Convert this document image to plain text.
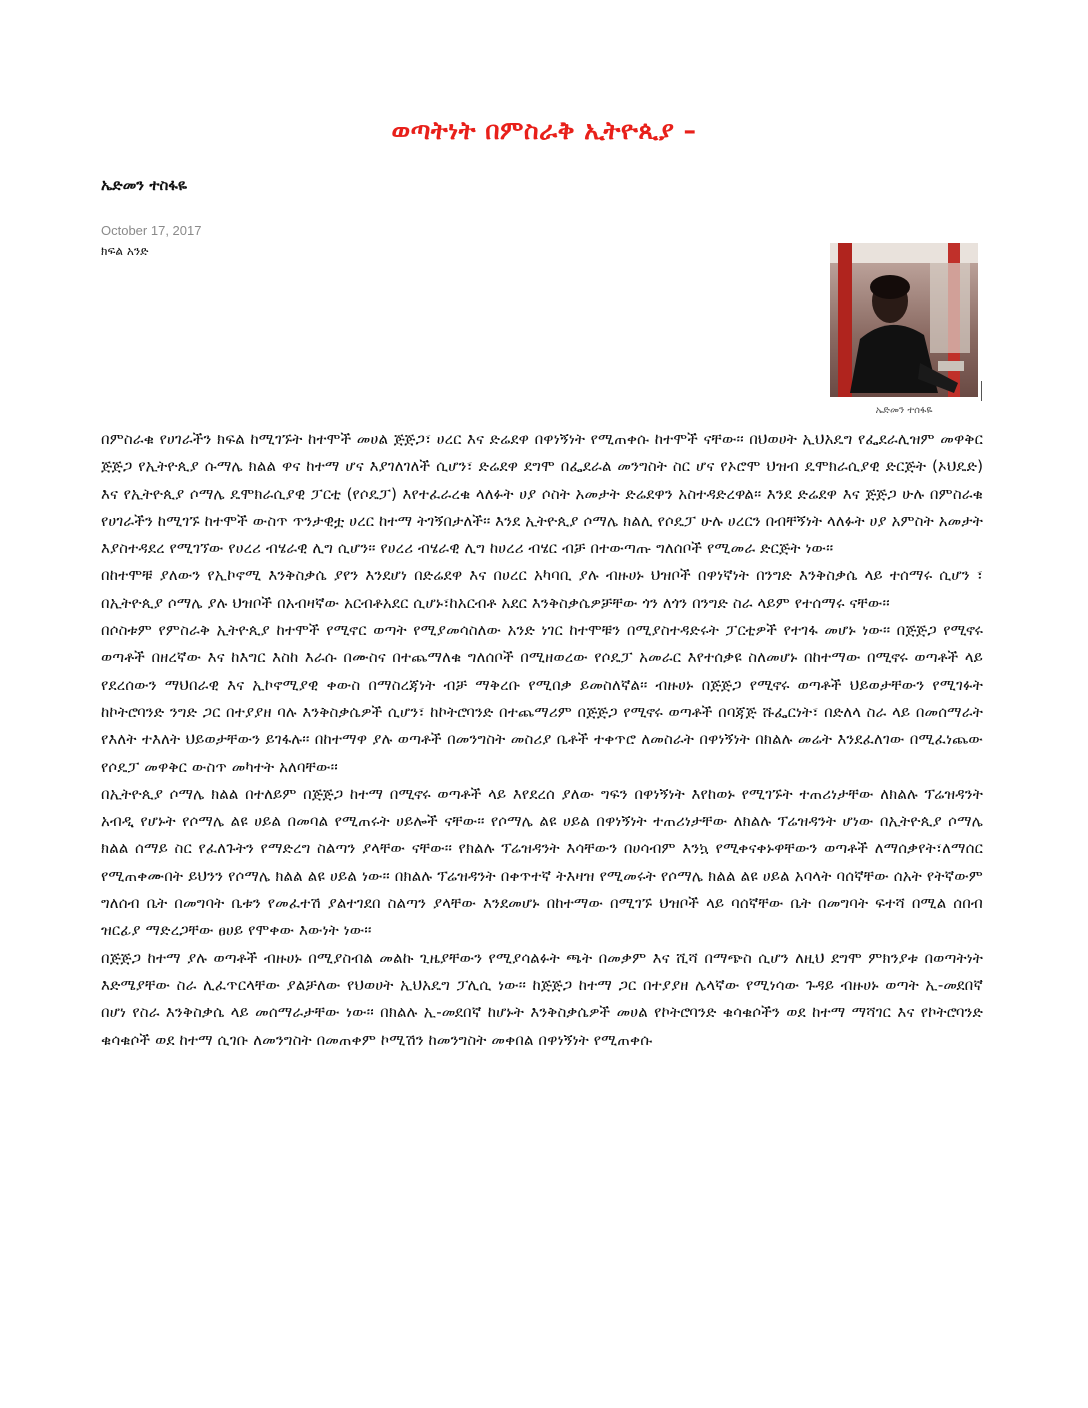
ወጣትነት በምስራቅ ኢትዮጲያ –
ኤድመን ተስፋዬ
October 17, 2017
ክፍል አንድ
ኤድመን ተሰፋዬ

በምስራቁ የሀገራችን ክፍል ከሚገኙት ከተሞች መሀል ጅጅጋ፣ ሀረር እና ድሬደዋ በዋነኝነት የሚጠቀሱ ከተሞች ናቸው፡፡ በህወሀት ኢህአዴግ የፌደራሊዝም መዋቅር ጅጅጋ የኢትዮጲያ ሱማሌ ክልል ዋና ከተማ ሆና እያገለገለች ሲሆን፣ ድሬደዋ ደግሞ በፌደራል መንግስት ስር ሆና የኦሮሞ ህዝብ ዴሞክራሲያዊ ድርጅት (ኦህዴድ) እና የኢትዮጲያ ሶማሌ ዴሞክራሲያዊ ፓርቲ (የሶዴፓ) እየተፈራረቁ ላለፉት ሀያ ሶስት አመታት ድሬደዋን አስተዳድረዋል፡፡ እንደ ድሬደዋ እና ጅጅጋ ሁሉ በምስራቁ የሀገራችን ከሚገኙ ከተሞች ውስጥ ጥንታዊቷ ሀረር ከተማ ትገኝበታለች፡፡ እንደ ኢትዮጲያ ሶማሌ ክልሊ የሶዴፓ ሁሉ ሀረርን በብቸኝነት ላለፉት ሀያ አምስት አመታት እያስተዳደረ የሚገኘው የሀረሪ ብሄራዊ ሊግ ሲሆን፡፡ የሀረሪ ብሄራዊ ሊግ ከሀረሪ ብሄር ብቻ በተውጣጡ ግለሰቦች የሚመራ ድርጅት ነው፡፡

በከተሞቹ ያለውን የኢኮኖሚ እንቅስቃሴ ያየን እንደሆነ በድሬደዋ እና በሀረር አካባቢ ያሉ ብዙሀኑ ህዝቦች በዋነኛነት በንግድ እንቅስቃሴ ላይ ተሰማሩ ሲሆን ፣ በኢትዮጲያ ሶማሌ ያሉ ህዝቦች በአብዛኛው አርብቶአደር ሲሆኑ፣ከአርብቶ አደር እንቅስቃሴዎቻቸው ጎን ለጎን በንግድ ስራ ላይም የተሰማሩ ናቸው፡፡

በሶስቱም የምስራቅ ኢትዮጲያ ከተሞች የሚኖር ወጣት የሚያመሳስለው አንድ ነገር ከተሞቹን በሚያስተዳድሩት ፓርቲዎች የተገፋ መሆኑ ነው፡፡ በጅጅጋ የሚኖሩ ወጣቶች በዘረኛው እና ከእግር እስከ እራሱ በሙስና በተጨማለቁ ግለሰቦች በሚዘወረው የሶዴፓ አመራር እየተሰቃዩ ስለመሆኑ በከተማው በሚኖሩ ወጣቶች ላይ የደረሰውን ማህበራዊ እና ኢኮኖሚያዊ ቀውስ በማስረጃነት ብቻ ማቅረቡ የሚበቃ ይመስለኛል፡፡ ብዙሀኑ በጅጅጋ የሚኖሩ ወጣቶች ህይወታቸውን የሚገፉት ከኮትሮባንድ ንግድ ጋር በተያያዘ ባሉ እንቅስቃሴዎች ሲሆን፣ ከኮትሮባንድ በተጨማሪም በጅጅጋ የሚኖሩ ወጣቶች በባጃጅ ሹፌርነት፣ በድለላ ስራ ላይ በመሰማራት የእለት ተእለት ህይወታቸውን ይገፋሉ፡፡ በከተማዋ ያሉ ወጣቶች በመንግስት መስሪያ ቤቶች ተቀጥሮ ለመስራት በዋነኝነት በክልሉ መሬት እንደፈለገው በሚፈነጨው የሶዴፓ መዋቅር ውስጥ መካተት አለባቸው፡፡

በኢትዮጲያ ሶማሌ ክልል በተለይም በጅጅጋ ከተማ በሚኖሩ ወጣቶች ላይ እየደረሰ ያለው ግፍን በዋነኝነት እየከወኑ የሚገኙት ተጠሪነታቸው ለክልሉ ፕሬዝዳንት አብዲ የሆኑት የሶማሌ ልዩ ሀይል በመባል የሚጠሩት ሀይሎች ናቸው፡፡ የሶማሌ ልዩ ሀይል በዋነኝነት ተጠሪነታቸው ለክልሉ ፕሬዝዳንት ሆነው በኢትዮጲያ ሶማሌ ክልል ሰማይ ስር የፈለጉትን የማድረግ ስልጣን ያላቸው ናቸው፡፡ የክልሉ ፕሬዝዳንት እሳቸውን በሀሳብም እንኳ የሚቀናቀኑዋቸውን ወጣቶች ለማሰቃየት፣ለማሰር የሚጠቀሙበት ይህንን የሶማሌ ክልል ልዩ ሀይል ነው፡፡ በክልሉ ፕሬዝዳንት በቀጥተኛ ትእዛዝ የሚመሩት የሶማሌ ክልል ልዩ ሀይል አባላት ባሰኛቸው ሰአት የትኛውም ግለሰብ ቤት በመግባት ቤቱን የመፈተሽ ያልተገደበ ስልጣን ያላቸው እንደመሆኑ በከተማው በሚገኙ ህዝቦች ላይ ባሰኛቸው ቤት በመግባት ፍተሻ በሚል ሰበብ ዝርፊያ ማድረጋቸው ፀሀይ የሞቀው እውነት ነው፡፡

በጅጅጋ ከተማ ያሉ ወጣቶች ብዙሀኑ በሚያስብል መልኩ ጊዜያቸውን የሚያሳልፉት ጫት በመቃም እና ሺሻ በማጭስ ሲሆን ለዚህ ደግሞ ምክንያቱ በወጣትነት እድሜያቸው ስራ ሊፈጥርላቸው ያልቻለው የህወሀት ኢህአዴግ ፓሊሲ ነው፡፡ ከጅጅጋ ከተማ ጋር በተያያዘ ሌላኛው የሚነሳው ጉዳይ ብዙሀኑ ወጣት ኢ-መደበኛ በሆነ የስራ እንቅስቃሴ ላይ መሰማራታቸው ነው፡፡ በክልሉ ኢ-መደበኛ ከሆኑት እንቅስቃሴዎች መሀል የኮትሮባንድ ቁሳቁሶችን ወደ ከተማ ማሻገር እና የኮትሮባንድ ቁሳቁሶች ወደ ከተማ ሲገቡ ለመንግስት በመጠቀም ኮሚሽን ከመንግስት መቀበል በዋነኝነት የሚጠቀሱ
